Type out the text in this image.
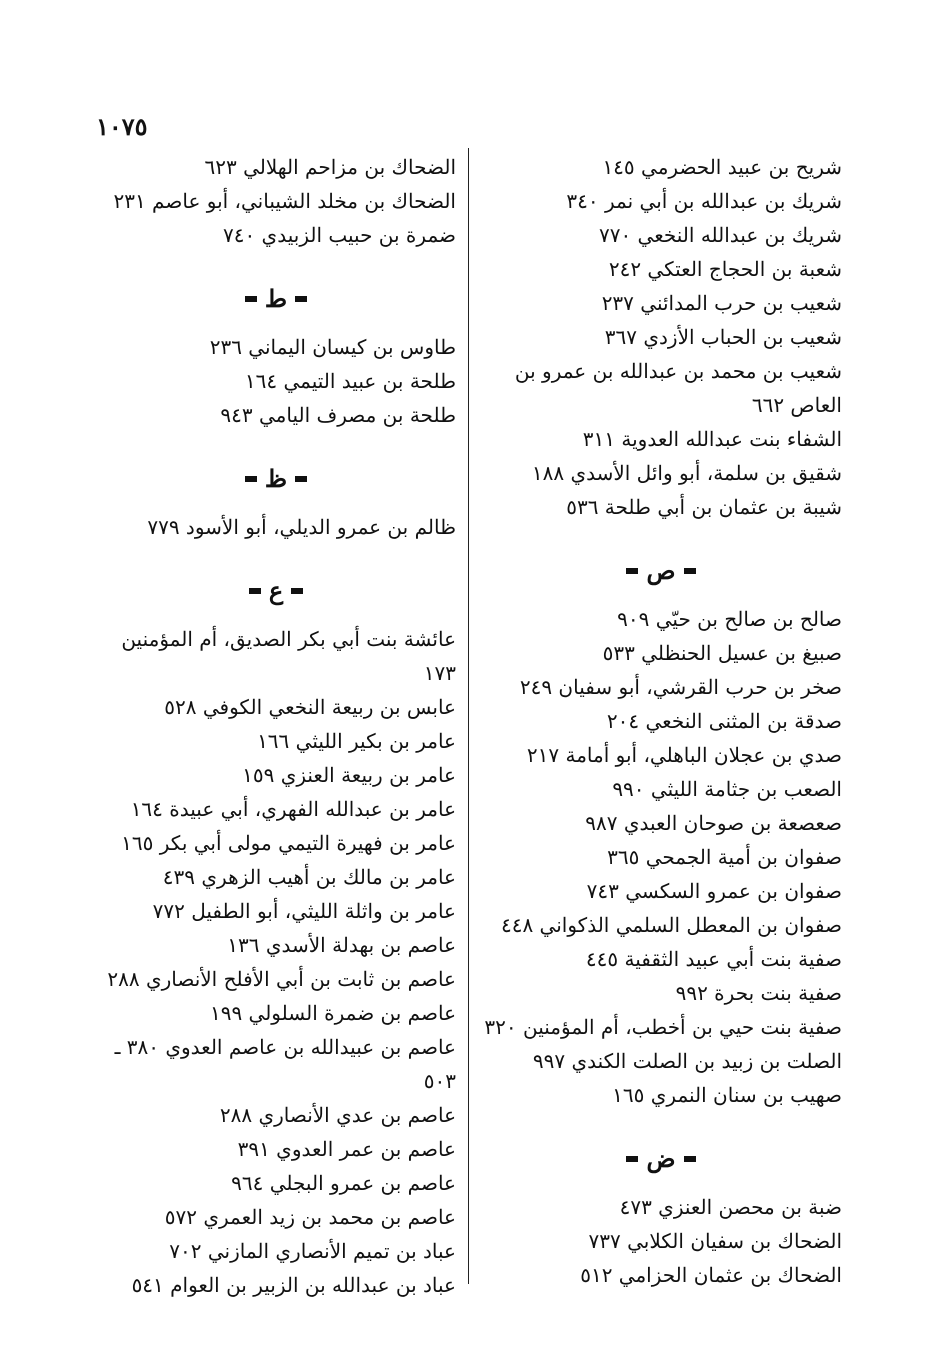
١٠٧٥

شريح بن عبيد الحضرمي ١٤٥

شريك بن عبدالله بن أبي نمر ٣٤٠

شريك بن عبدالله النخعي ٧٧٠

شعبة بن الحجاج العتكي ٢٤٢

شعيب بن حرب المدائني ٢٣٧

شعيب بن الحباب الأزدي ٣٦٧

شعيب بن محمد بن عبدالله بن عمرو بن العاص ٦٦٢

الشفاء بنت عبدالله العدوية ٣١١

شقيق بن سلمة، أبو وائل الأسدي ١٨٨

شيبة بن عثمان بن أبي طلحة ٥٣٦

ص

صالح بن صالح بن حيّي ٩٠٩

صبيغ بن عسيل الحنظلي ٥٣٣

صخر بن حرب القرشي، أبو سفيان ٢٤٩

صدقة بن المثنى النخعي ٢٠٤

صدي بن عجلان الباهلي، أبو أمامة ٢١٧

الصعب بن جثامة الليثي ٩٩٠

صعصعة بن صوحان العبدي ٩٨٧

صفوان بن أمية الجمحي ٣٦٥

صفوان بن عمرو السكسي ٧٤٣

صفوان بن المعطل السلمي الذكواني ٤٤٨

صفية بنت أبي عبيد الثقفية ٤٤٥

صفية بنت بحرة ٩٩٢

صفية بنت حيي بن أخطب، أم المؤمنين ٣٢٠

الصلت بن زبيد بن الصلت الكندي ٩٩٧

صهيب بن سنان النمري ١٦٥

ض

ضبة بن محصن العنزي ٤٧٣

الضحاك بن سفيان الكلابي ٧٣٧

الضحاك بن عثمان الحزامي ٥١٢

الضحاك بن مزاحم الهلالي ٦٢٣

الضحاك بن مخلد الشيباني، أبو عاصم ٢٣١

ضمرة بن حبيب الزبيدي ٧٤٠

ط

طاوس بن كيسان اليماني ٢٣٦

طلحة بن عبيد التيمي ١٦٤

طلحة بن مصرف اليامي ٩٤٣

ظ

ظالم بن عمرو الديلي، أبو الأسود ٧٧٩

ع

عائشة بنت أبي بكر الصديق، أم المؤمنين ١٧٣

عابس بن ربيعة النخعي الكوفي ٥٢٨

عامر بن بكير الليثي ١٦٦

عامر بن ربيعة العنزي ١٥٩

عامر بن عبدالله الفهري، أبي عبيدة ١٦٤

عامر بن فهيرة التيمي مولى أبي بكر ١٦٥

عامر بن مالك بن أهيب الزهري ٤٣٩

عامر بن واثلة الليثي، أبو الطفيل ٧٧٢

عاصم بن بهدلة الأسدي ١٣٦

عاصم بن ثابت بن أبي الأفلح الأنصاري ٢٨٨

عاصم بن ضمرة السلولي ١٩٩

عاصم بن عبيدالله بن عاصم العدوي ٣٨٠ ـ ٥٠٣

عاصم بن عدي الأنصاري ٢٨٨

عاصم بن عمر العدوي ٣٩١

عاصم بن عمرو البجلي ٩٦٤

عاصم بن محمد بن زيد العمري ٥٧٢

عباد بن تميم الأنصاري المازني ٧٠٢

عباد بن عبدالله بن الزبير بن العوام ٥٤١
